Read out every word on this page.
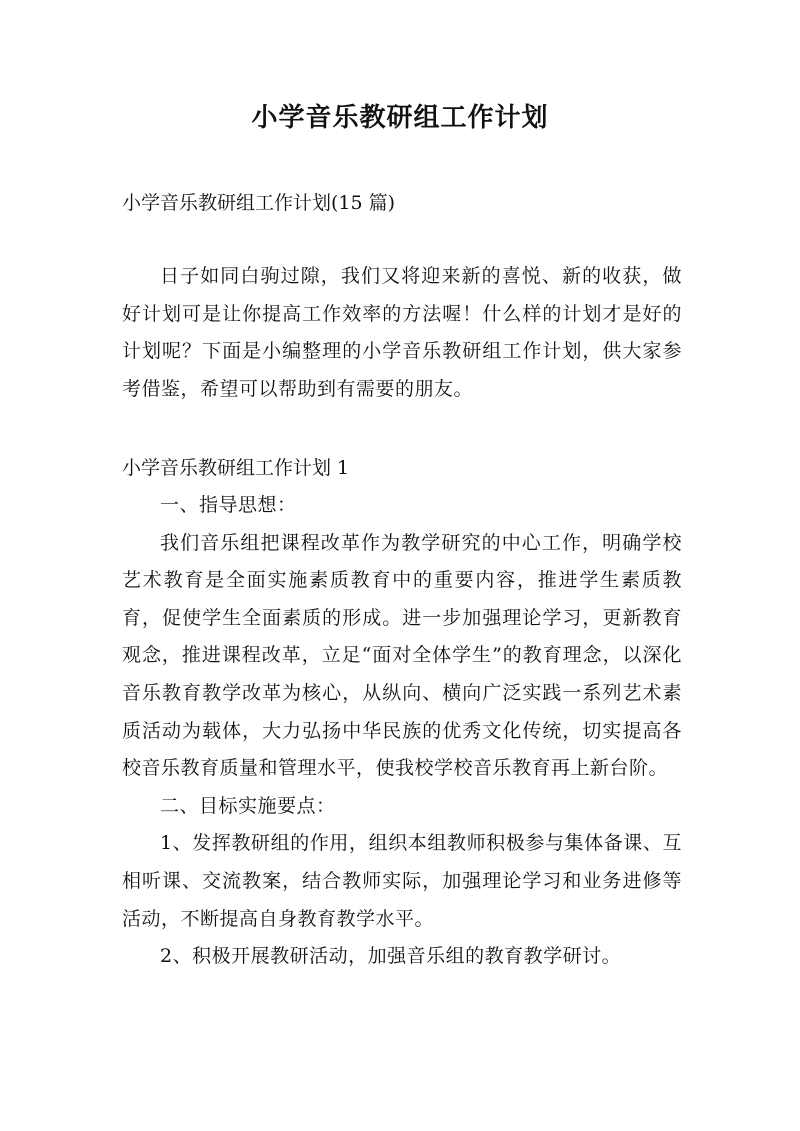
小学音乐教研组工作计划

小学音乐教研组工作计划(15 篇)

日子如同白驹过隙，我们又将迎来新的喜悦、新的收获，做好计划可是让你提高工作效率的方法喔！什么样的计划才是好的计划呢？下面是小编整理的小学音乐教研组工作计划，供大家参考借鉴，希望可以帮助到有需要的朋友。

小学音乐教研组工作计划 1

一、指导思想：

我们音乐组把课程改革作为教学研究的中心工作，明确学校艺术教育是全面实施素质教育中的重要内容，推进学生素质教育，促使学生全面素质的形成。进一步加强理论学习，更新教育观念，推进课程改革，立足“面对全体学生”的教育理念，以深化音乐教育教学改革为核心，从纵向、横向广泛实践一系列艺术素质活动为载体，大力弘扬中华民族的优秀文化传统，切实提高各校音乐教育质量和管理水平，使我校学校音乐教育再上新台阶。

二、目标实施要点：

1、发挥教研组的作用，组织本组教师积极参与集体备课、互相听课、交流教案，结合教师实际，加强理论学习和业务进修等活动，不断提高自身教育教学水平。

2、积极开展教研活动，加强音乐组的教育教学研讨。
